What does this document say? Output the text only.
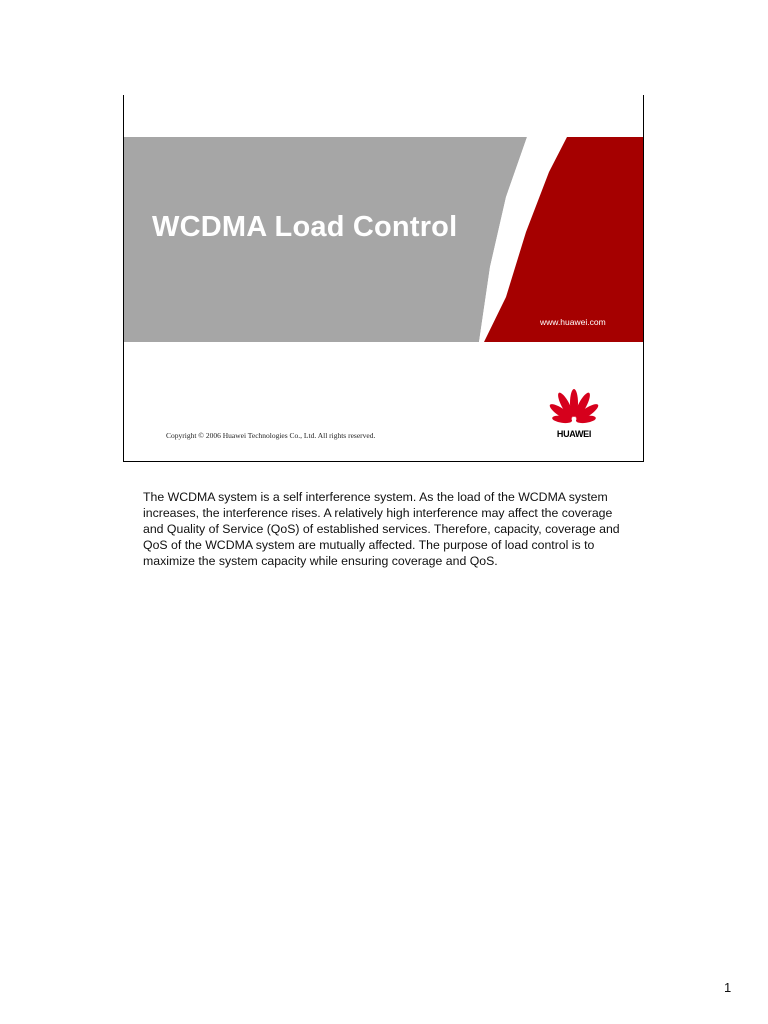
WCDMA Load Control
www.huawei.com
Copyright © 2006 Huawei Technologies Co., Ltd. All rights reserved.	HUAWEI
The WCDMA system is a self interference system. As the load of the WCDMA system increases, the interference rises. A relatively high interference may affect the coverage and Quality of Service (QoS) of established services. Therefore, capacity, coverage and QoS of the WCDMA system are mutually affected. The purpose of load control is to maximize the system capacity while ensuring coverage and QoS.
1
